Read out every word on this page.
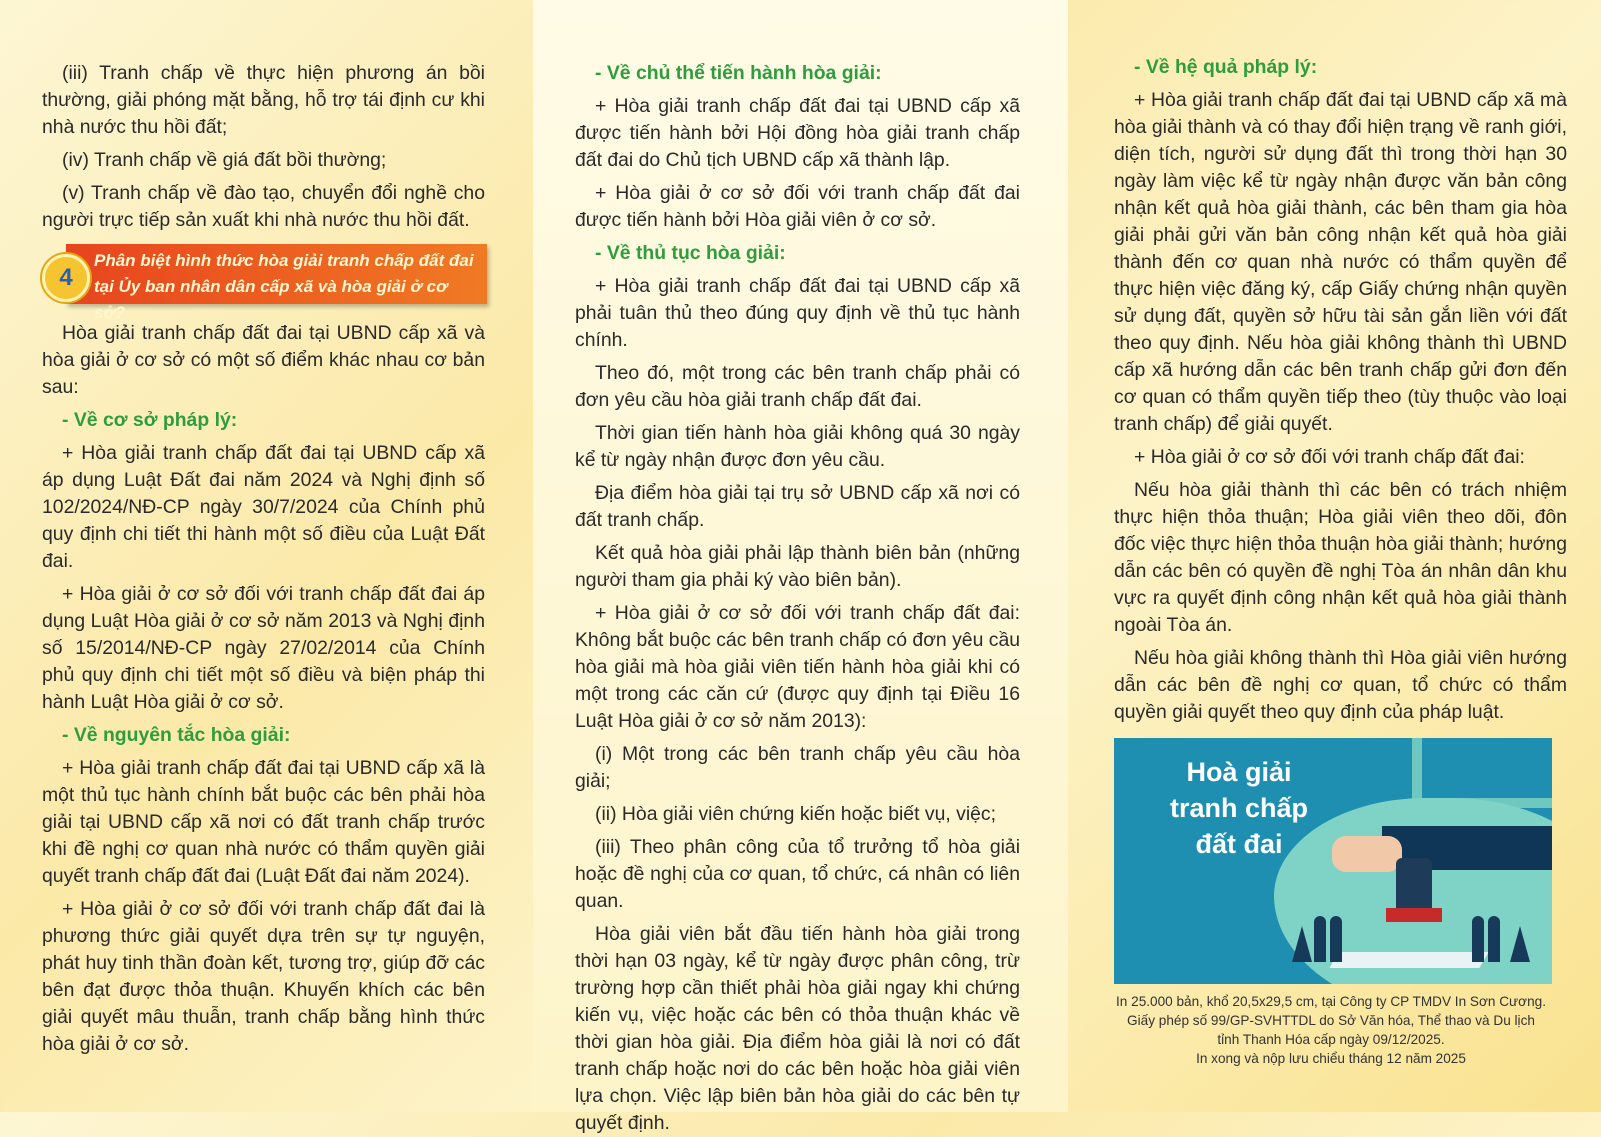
(iii) Tranh chấp về thực hiện phương án bồi thường, giải phóng mặt bằng, hỗ trợ tái định cư khi nhà nước thu hồi đất;

(iv) Tranh chấp về giá đất bồi thường;

(v) Tranh chấp về đào tạo, chuyển đổi nghề cho người trực tiếp sản xuất khi nhà nước thu hồi đất.

Phân biệt hình thức hòa giải tranh chấp đất đai tại Ủy ban nhân dân cấp xã và hòa giải ở cơ sở?
4

Hòa giải tranh chấp đất đai tại UBND cấp xã và hòa giải ở cơ sở có một số điểm khác nhau cơ bản sau:

- Về cơ sở pháp lý:

+ Hòa giải tranh chấp đất đai tại UBND cấp xã áp dụng Luật Đất đai năm 2024 và Nghị định số 102/2024/NĐ-CP ngày 30/7/2024 của Chính phủ quy định chi tiết thi hành một số điều của Luật Đất đai.

+ Hòa giải ở cơ sở đối với tranh chấp đất đai áp dụng Luật Hòa giải ở cơ sở năm 2013 và Nghị định số 15/2014/NĐ-CP ngày 27/02/2014 của Chính phủ quy định chi tiết một số điều và biện pháp thi hành Luật Hòa giải ở cơ sở.

- Về nguyên tắc hòa giải:

+ Hòa giải tranh chấp đất đai tại UBND cấp xã là một thủ tục hành chính bắt buộc các bên phải hòa giải tại UBND cấp xã nơi có đất tranh chấp trước khi đề nghị cơ quan nhà nước có thẩm quyền giải quyết tranh chấp đất đai (Luật Đất đai năm 2024).

+ Hòa giải ở cơ sở đối với tranh chấp đất đai là phương thức giải quyết dựa trên sự tự nguyện, phát huy tinh thần đoàn kết, tương trợ, giúp đỡ các bên đạt được thỏa thuận. Khuyến khích các bên giải quyết mâu thuẫn, tranh chấp bằng hình thức hòa giải ở cơ sở.

- Về chủ thể tiến hành hòa giải:

+ Hòa giải tranh chấp đất đai tại UBND cấp xã được tiến hành bởi Hội đồng hòa giải tranh chấp đất đai do Chủ tịch UBND cấp xã thành lập.

+ Hòa giải ở cơ sở đối với tranh chấp đất đai được tiến hành bởi Hòa giải viên ở cơ sở.

- Về thủ tục hòa giải:

+ Hòa giải tranh chấp đất đai tại UBND cấp xã phải tuân thủ theo đúng quy định về thủ tục hành chính.

Theo đó, một trong các bên tranh chấp phải có đơn yêu cầu hòa giải tranh chấp đất đai.

Thời gian tiến hành hòa giải không quá 30 ngày kể từ ngày nhận được đơn yêu cầu.

Địa điểm hòa giải tại trụ sở UBND cấp xã nơi có đất tranh chấp.

Kết quả hòa giải phải lập thành biên bản (những người tham gia phải ký vào biên bản).

+ Hòa giải ở cơ sở đối với tranh chấp đất đai: Không bắt buộc các bên tranh chấp có đơn yêu cầu hòa giải mà hòa giải viên tiến hành hòa giải khi có một trong các căn cứ (được quy định tại Điều 16 Luật Hòa giải ở cơ sở năm 2013):

(i) Một trong các bên tranh chấp yêu cầu hòa giải;

(ii) Hòa giải viên chứng kiến hoặc biết vụ, việc;

(iii) Theo phân công của tổ trưởng tổ hòa giải hoặc đề nghị của cơ quan, tổ chức, cá nhân có liên quan.

Hòa giải viên bắt đầu tiến hành hòa giải trong thời hạn 03 ngày, kể từ ngày được phân công, trừ trường hợp cần thiết phải hòa giải ngay khi chứng kiến vụ, việc hoặc các bên có thỏa thuận khác về thời gian hòa giải. Địa điểm hòa giải là nơi có đất tranh chấp hoặc nơi do các bên hoặc hòa giải viên lựa chọn. Việc lập biên bản hòa giải do các bên tự quyết định.

- Về hệ quả pháp lý:

+ Hòa giải tranh chấp đất đai tại UBND cấp xã mà hòa giải thành và có thay đổi hiện trạng về ranh giới, diện tích, người sử dụng đất thì trong thời hạn 30 ngày làm việc kể từ ngày nhận được văn bản công nhận kết quả hòa giải thành, các bên tham gia hòa giải phải gửi văn bản công nhận kết quả hòa giải thành đến cơ quan nhà nước có thẩm quyền để thực hiện việc đăng ký, cấp Giấy chứng nhận quyền sử dụng đất, quyền sở hữu tài sản gắn liền với đất theo quy định. Nếu hòa giải không thành thì UBND cấp xã hướng dẫn các bên tranh chấp gửi đơn đến cơ quan có thẩm quyền tiếp theo (tùy thuộc vào loại tranh chấp) để giải quyết.

+ Hòa giải ở cơ sở đối với tranh chấp đất đai:

Nếu hòa giải thành thì các bên có trách nhiệm thực hiện thỏa thuận; Hòa giải viên theo dõi, đôn đốc việc thực hiện thỏa thuận hòa giải thành; hướng dẫn các bên có quyền đề nghị Tòa án nhân dân khu vực ra quyết định công nhận kết quả hòa giải thành ngoài Tòa án.

Nếu hòa giải không thành thì Hòa giải viên hướng dẫn các bên đề nghị cơ quan, tổ chức có thẩm quyền giải quyết theo quy định của pháp luật.

Hoà giải
tranh chấp
đất đai
In 25.000 bản, khổ 20,5x29,5 cm, tại Công ty CP TMDV In Sơn Cương.
Giấy phép số 99/GP-SVHTTDL do Sở Văn hóa, Thể thao và Du lịch
tỉnh Thanh Hóa cấp ngày 09/12/2025.
In xong và nộp lưu chiểu tháng 12 năm 2025
